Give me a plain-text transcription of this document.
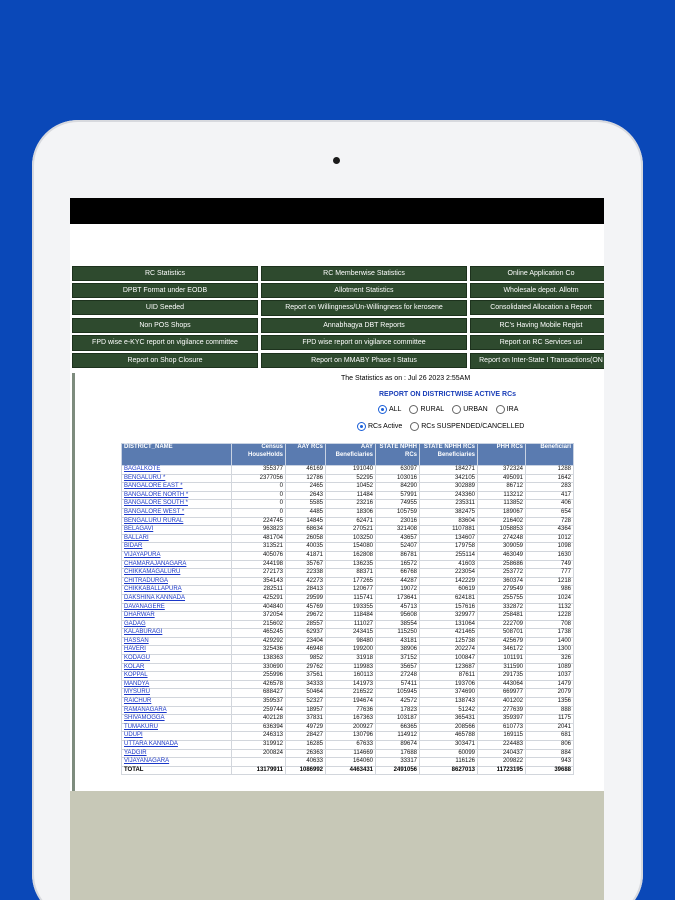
RC Statistics	RC Memberwise Statistics	Online Application Co
DPBT Format under EODB	Allotment Statistics	Wholesale depot. Allotm
UID Seeded	Report on Willingness/Un-Willingness for kerosene	Consolidated Allocation a Report
Non POS Shops	Annabhagya DBT Reports	RC's Having Mobile Regist
FPD wise e-KYC report on vigilance committee	FPD wise report on vigilance committee	Report on RC Services usi
Report on Shop Closure	Report on MMABY Phase I Status	Report on Inter-State I Transactions(ON
The Statistics as on : Jul 26 2023 2:55AM
REPORT ON DISTRICTWISE ACTIVE RCs
ALL	RURAL	URBAN	IRA
RCs Active	RCs SUSPENDED/CANCELLED
DISTRICT_NAME	Census HouseHolds	AAY RCs	AAY Beneficiaries	STATE NPHH RCs	STATE NPHH RCs Beneficiaries	PHH RCs	Beneficiari
BAGALKOTE	355377	46169	191040	63097	184271	372324	1288
BENGALURU *	2377056	12786	52295	103016	342105	495091	1642
BANGALORE EAST *	0	2465	10452	84290	302889	86712	283
BANGALORE NORTH *	0	2643	11484	57991	243360	113212	417
BANGALORE SOUTH *	0	5585	23216	74955	235311	113852	406
BANGALORE WEST *	0	4485	18306	105759	382475	189067	654
BENGALURU RURAL	224745	14845	62471	23016	83604	216402	728
BELAGAVI	963823	68634	270521	321408	1107881	1058853	4364
BALLARI	481704	26058	103250	43657	134607	274248	1012
BIDAR	313521	40035	154080	52407	179758	309059	1098
VIJAYAPURA	405076	41871	162808	86781	255114	463049	1630
CHAMARAJANAGARA	244198	35767	136235	16572	41603	258686	749
CHIKKAMAGALURU	272173	22338	88371	66768	223054	253772	777
CHITRADURGA	354143	42273	177265	44287	142229	360374	1218
CHIKKABALLAPURA	282511	28413	120677	19072	60619	279549	986
DAKSHINA KANNADA	425291	29599	115741	173641	624181	255755	1024
DAVANAGERE	404840	45769	193355	45713	157616	332872	1132
DHARWAR	372054	29672	118484	95608	329977	258481	1228
GADAG	215602	28557	111027	38554	131064	222709	708
KALABURAGI	465245	62937	243415	115250	421465	508701	1738
HASSAN	429292	23404	98480	43181	125738	425679	1400
HAVERI	325436	46948	199200	38906	202274	346172	1300
KODAGU	138363	9852	31918	37152	100847	101191	326
KOLAR	330690	29762	119983	35657	123687	311590	1089
KOPPAL	255996	37561	160113	27248	87611	291735	1037
MANDYA	426578	34333	141973	57411	193706	443064	1479
MYSURU	688427	50464	216522	105945	374690	669977	2079
RAICHUR	359537	52327	194674	42572	138743	401202	1356
RAMANAGARA	259744	18957	77636	17823	51242	277639	888
SHIVAMOGGA	402128	37831	167363	103187	365431	359397	1175
TUMAKURU	636394	49729	200927	66365	208566	610773	2041
UDUPI	246313	28427	130796	114912	465788	169115	681
UTTARA KANNADA	319912	16285	67633	89674	303471	224483	806
YADGIR	200824	26363	114669	17688	60099	240437	884
VIJAYANAGARA		40633	164060	33317	116126	209822	943
TOTAL	13179911	1086992	4463431	2491056	8627013	11723195	39688
